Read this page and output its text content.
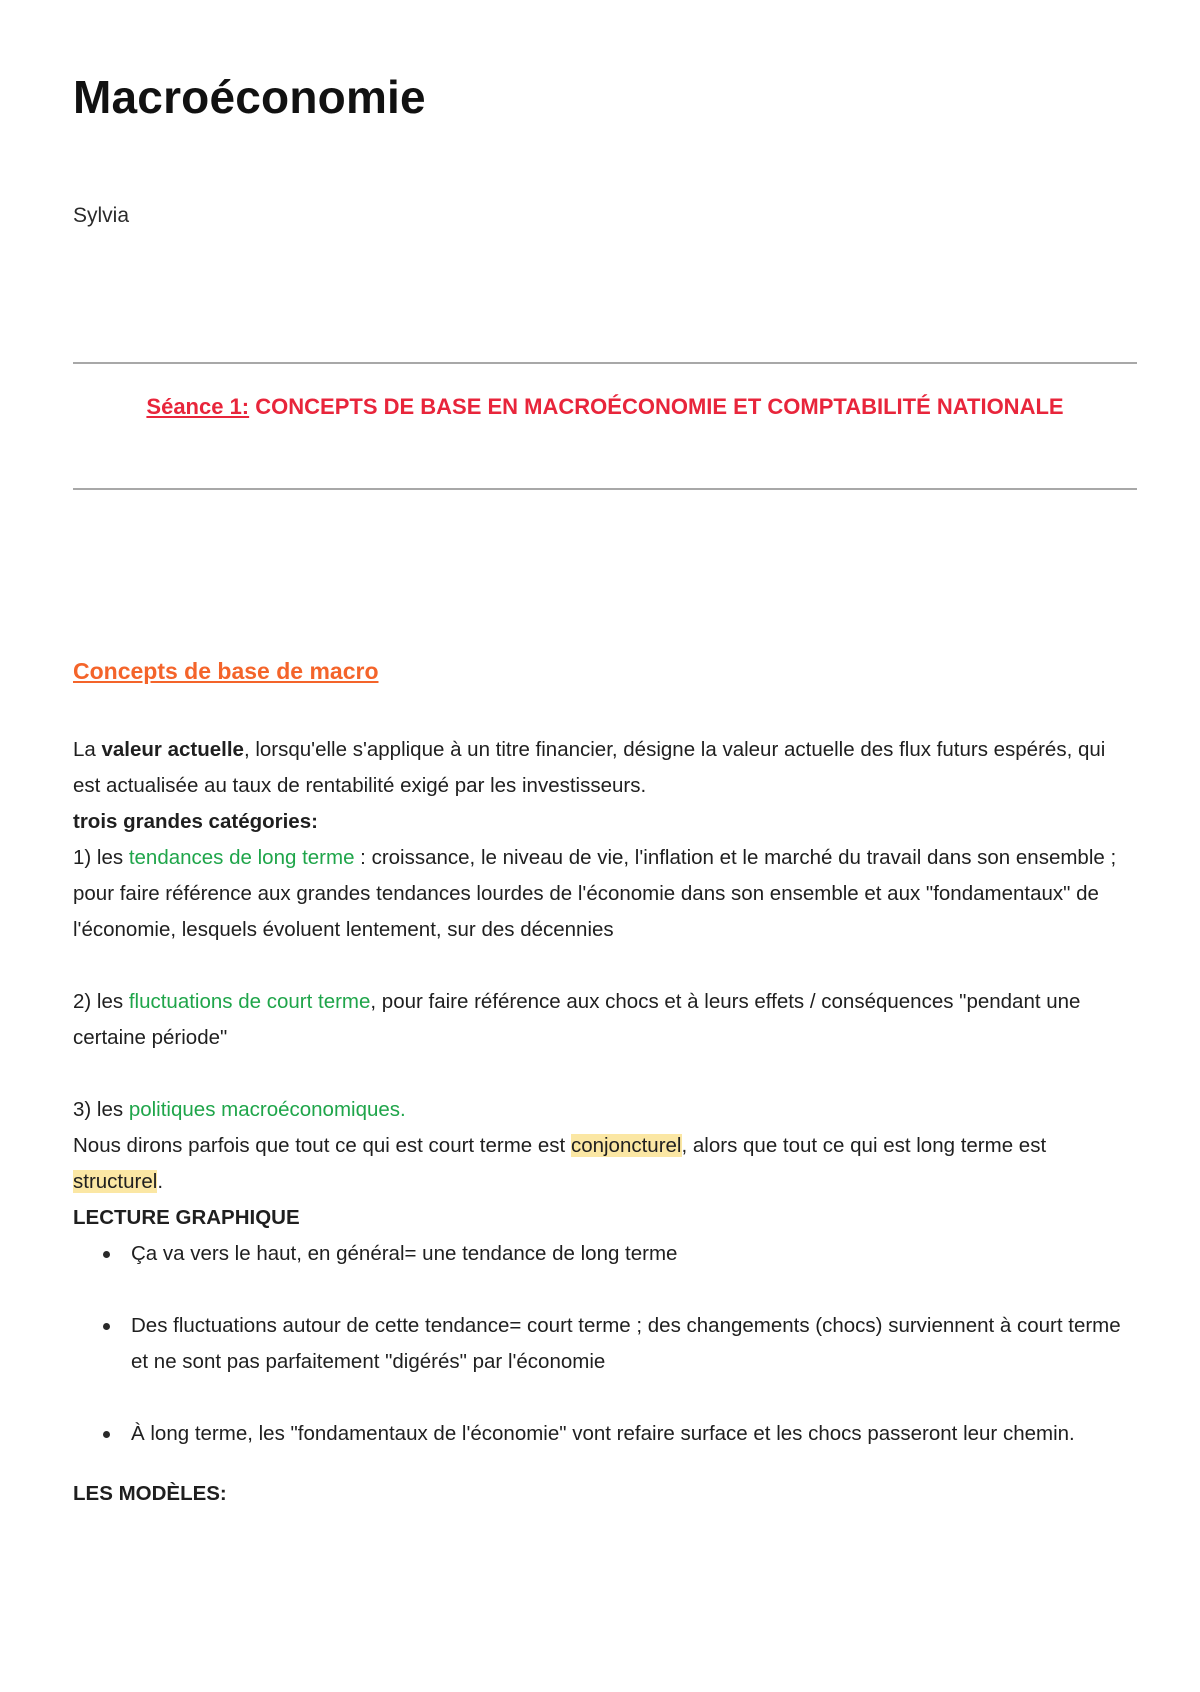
Macroéconomie
Sylvia
Séance 1: CONCEPTS DE BASE EN MACROÉCONOMIE ET COMPTABILITÉ NATIONALE
Concepts de base de macro

La valeur actuelle, lorsqu'elle s'applique à un titre financier, désigne la valeur actuelle des flux futurs espérés, qui est actualisée au taux de rentabilité exigé par les investisseurs.

trois grandes catégories:

1) les tendances de long terme : croissance, le niveau de vie, l'inflation et le marché du travail dans son ensemble ; pour faire référence aux grandes tendances lourdes de l'économie dans son ensemble et aux "fondamentaux" de l'économie, lesquels évoluent lentement, sur des décennies

2) les fluctuations de court terme, pour faire référence aux chocs et à leurs effets / conséquences "pendant une certaine période"

3) les politiques macroéconomiques.

Nous dirons parfois que tout ce qui est court terme est conjoncturel, alors que tout ce qui est long terme est structurel.

LECTURE GRAPHIQUE

Ça va vers le haut, en général= une tendance de long terme
Des fluctuations autour de cette tendance= court terme ; des changements (chocs) surviennent à court terme et ne sont pas parfaitement "digérés" par l'économie
À long terme, les "fondamentaux de l'économie" vont refaire surface et les chocs passeront leur chemin.

LES MODÈLES:
